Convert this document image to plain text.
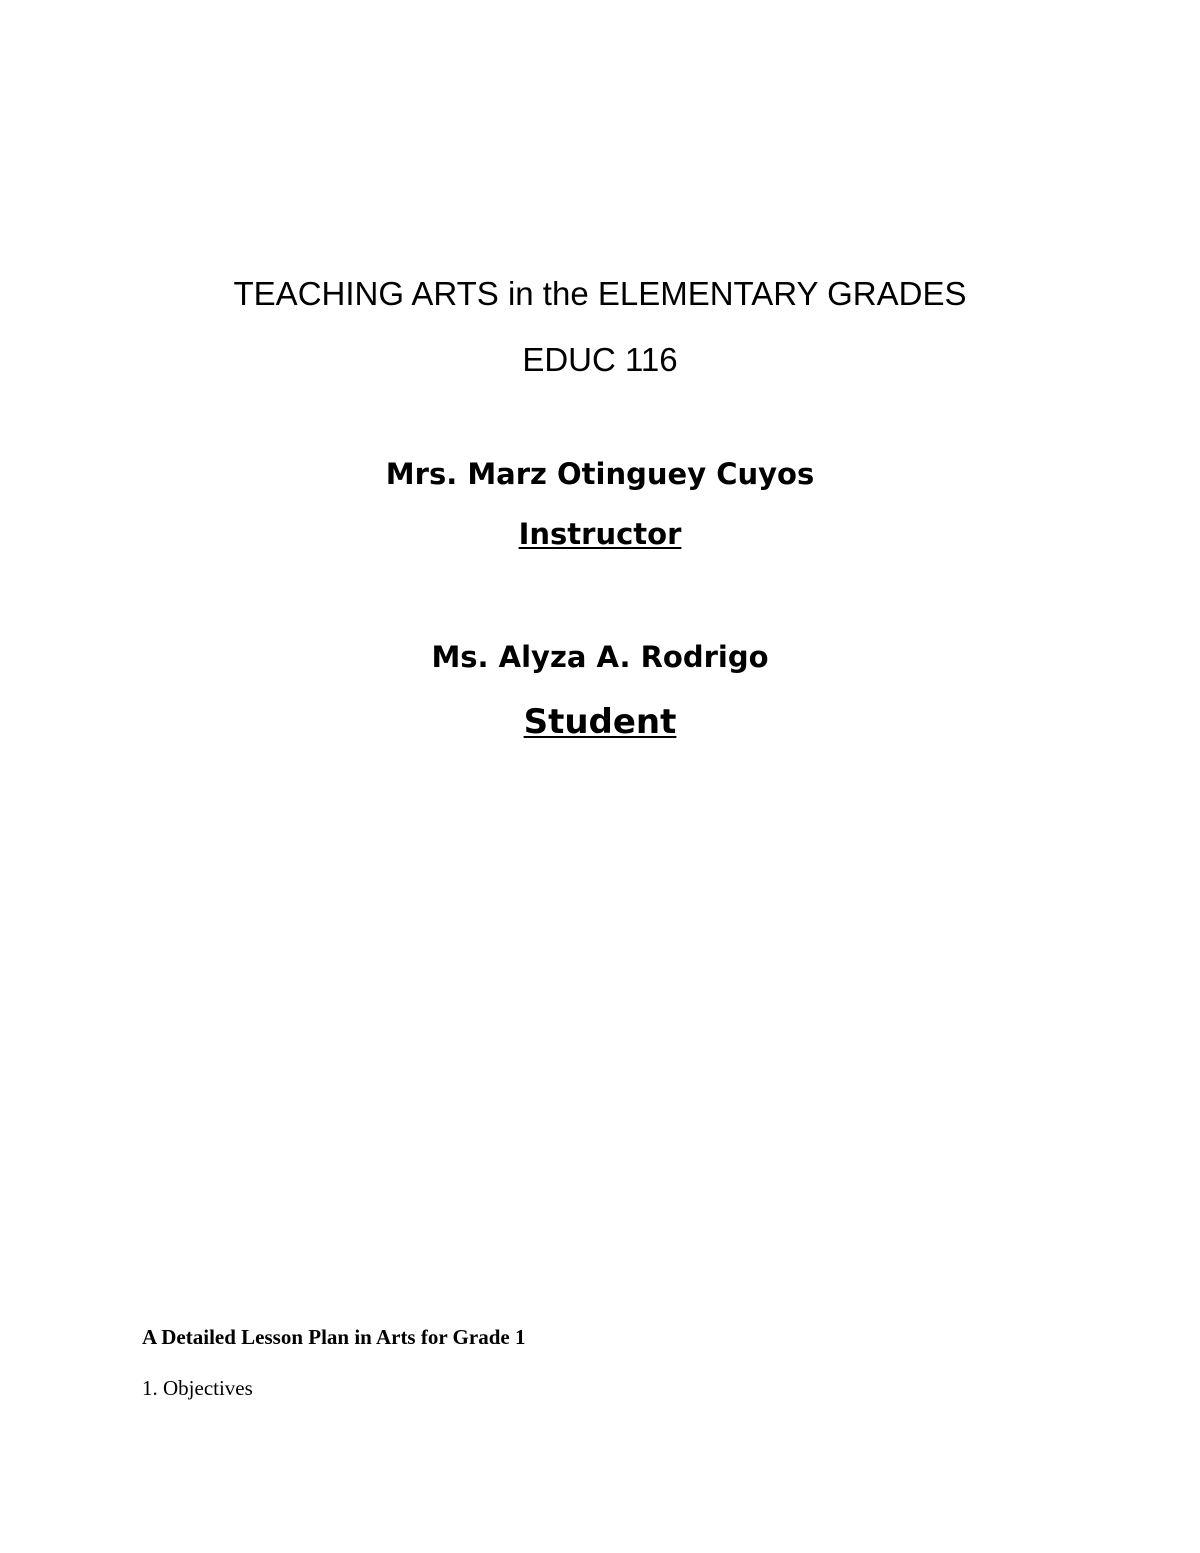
TEACHING ARTS in the ELEMENTARY GRADES

EDUC 116

Mrs. Marz Otinguey Cuyos

Instructor

Ms. Alyza A. Rodrigo

Student

A Detailed Lesson Plan in Arts for Grade 1

1. Objectives
